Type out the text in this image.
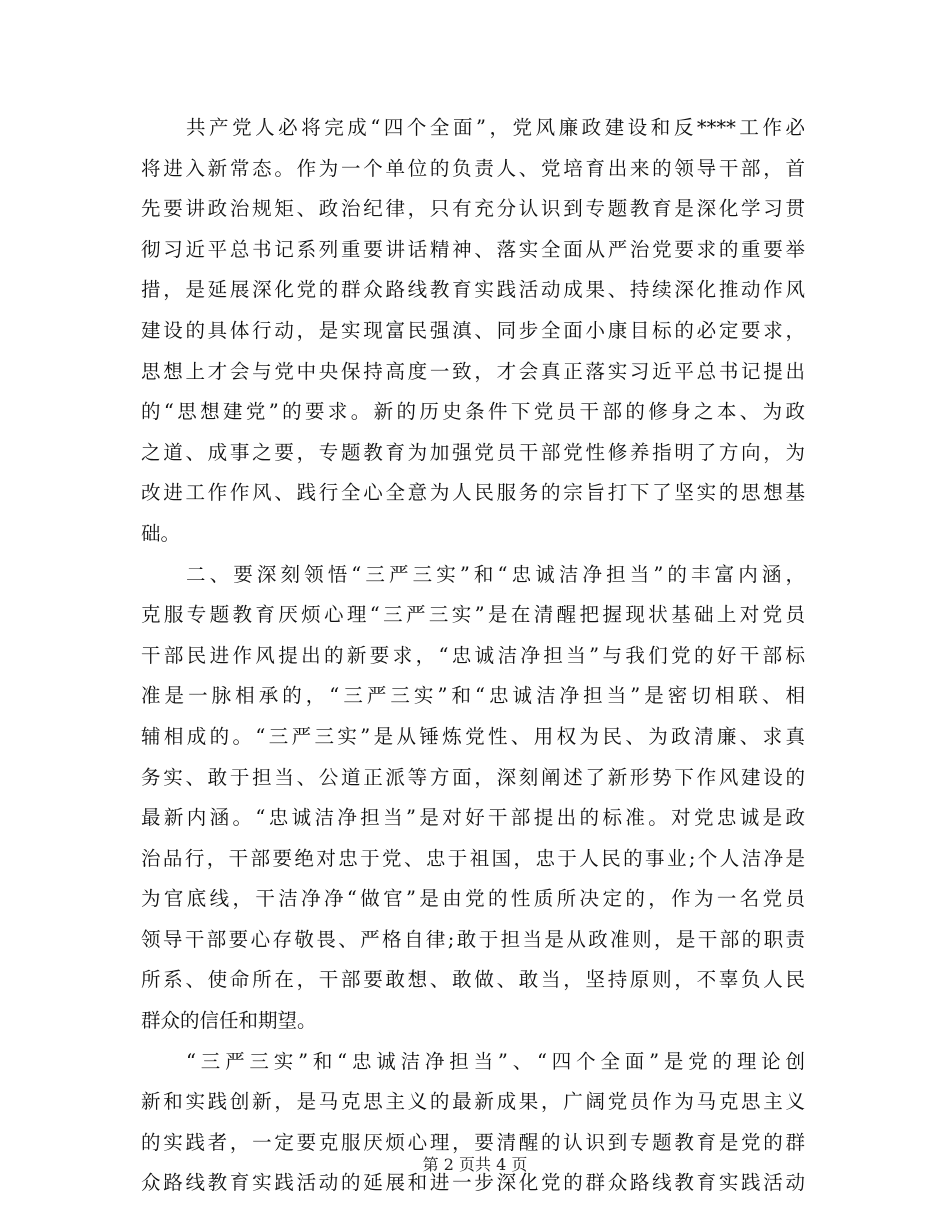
共产党人必将完成“四个全面”，党风廉政建设和反****工作必
将进入新常态。作为一个单位的负责人、党培育出来的领导干部，首
先要讲政治规矩、政治纪律，只有充分认识到专题教育是深化学习贯
彻习近平总书记系列重要讲话精神、落实全面从严治党要求的重要举
措，是延展深化党的群众路线教育实践活动成果、持续深化推动作风
建设的具体行动，是实现富民强滇、同步全面小康目标的必定要求，
思想上才会与党中央保持高度一致，才会真正落实习近平总书记提出
的“思想建党”的要求。新的历史条件下党员干部的修身之本、为政
之道、成事之要，专题教育为加强党员干部党性修养指明了方向，为
改进工作作风、践行全心全意为人民服务的宗旨打下了坚实的思想基
础。
二、要深刻领悟“三严三实”和“忠诚洁净担当”的丰富内涵，
克服专题教育厌烦心理“三严三实”是在清醒把握现状基础上对党员
干部民进作风提出的新要求，“忠诚洁净担当”与我们党的好干部标
准是一脉相承的，“三严三实”和“忠诚洁净担当”是密切相联、相
辅相成的。“三严三实”是从锤炼党性、用权为民、为政清廉、求真
务实、敢于担当、公道正派等方面，深刻阐述了新形势下作风建设的
最新内涵。“忠诚洁净担当”是对好干部提出的标准。对党忠诚是政
治品行，干部要绝对忠于党、忠于祖国，忠于人民的事业;个人洁净是
为官底线，干洁净净“做官”是由党的性质所决定的，作为一名党员
领导干部要心存敬畏、严格自律;敢于担当是从政准则，是干部的职责
所系、使命所在，干部要敢想、敢做、敢当，坚持原则，不辜负人民
群众的信任和期望。
“三严三实”和“忠诚洁净担当”、“四个全面”是党的理论创
新和实践创新，是马克思主义的最新成果，广阔党员作为马克思主义
的实践者，一定要克服厌烦心理，要清醒的认识到专题教育是党的群
众路线教育实践活动的延展和进一步深化党的群众路线教育实践活动
第 2 页共 4 页
